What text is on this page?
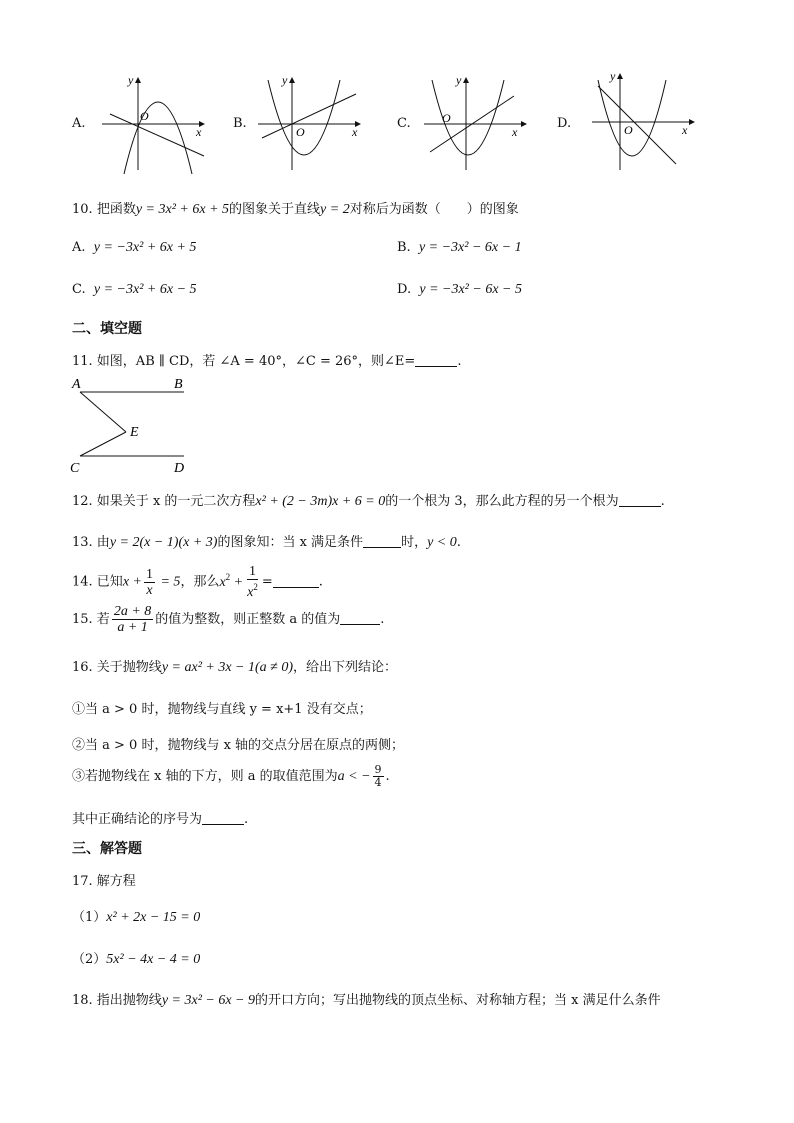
A.	O
x
y
B.
O	x
y
C.	O
x
y
D.	O	x
y
10. 把函数y = 3x² + 6x + 5的图象关于直线y = 2对称后为函数（　　）的图象
A. y = −3x² + 6x + 5	B. y = −3x² − 6x − 1
C. y = −3x² + 6x − 5	D. y = −3x² − 6x − 5
二、填空题
11. 如图，AB ∥ CD，若 ∠A = 40°，∠C = 26°，则∠E=	.
A	B
E
C	D
12. 如果关于 x 的一元二次方程x² + (2 − 3m)x + 6 = 0的一个根为 3，那么此方程的另一个根为	.
13. 由y = 2(x − 1)(x + 3)的图象知：当 x 满足条件	时，y < 0.
14. 已知$x + \frac{1}{x} = 5$，那么$x^2 + \frac{1}{x^2}$ =	.
15. 若 $\frac{2a + 8}{a + 1}$ 的值为整数，则正整数 a 的值为	.
16. 关于抛物线y = ax² + 3x − 1(a ≠ 0)，给出下列结论：
①当 a > 0 时，抛物线与直线 y = x+1 没有交点；
②当 a > 0 时，抛物线与 x 轴的交点分居在原点的两侧；
③若抛物线在 x 轴的下方，则 a 的取值范围为a < − $\frac{9}{4}$ .
其中正确结论的序号为	.
三、解答题
17. 解方程
（1）x² + 2x − 15 = 0
（2）5x² − 4x − 4 = 0
18. 指出抛物线y = 3x² − 6x − 9的开口方向；写出抛物线的顶点坐标、对称轴方程；当 x 满足什么条件
